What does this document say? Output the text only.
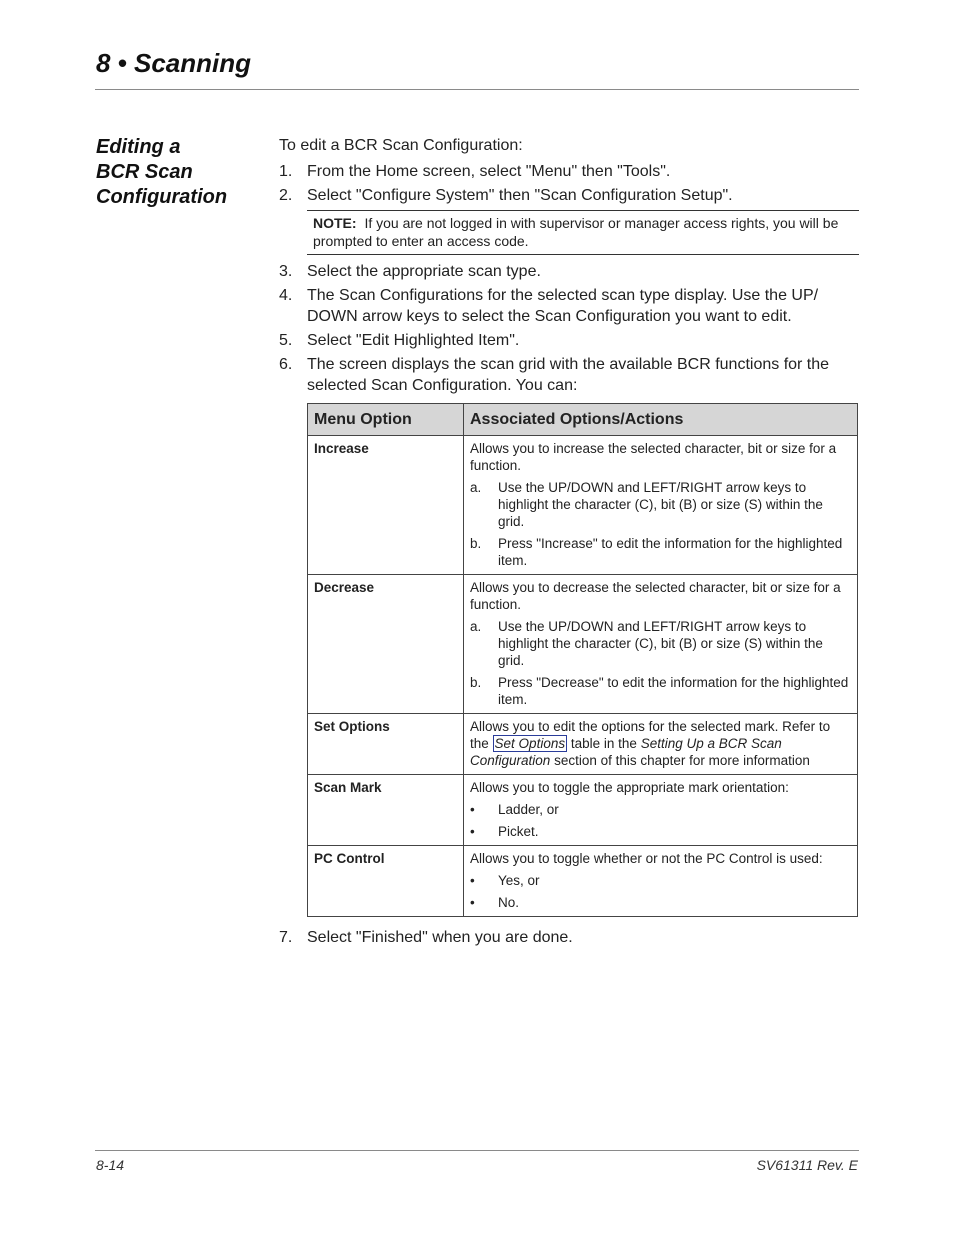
8 • Scanning
Editing a
BCR Scan
Configuration

To edit a BCR Scan Configuration:

1. From the Home screen, select "Menu" then "Tools".
2. Select "Configure System" then "Scan Configuration Setup".
NOTE: If you are not logged in with supervisor or manager access rights, you will be prompted to enter an access code.
3. Select the appropriate scan type.
4. The Scan Configurations for the selected scan type display. Use the UP/ DOWN arrow keys to select the Scan Configuration you want to edit.
5. Select "Edit Highlighted Item".
6. The screen displays the scan grid with the available BCR functions for the selected Scan Configuration. You can:
Menu Option	Associated Options/Actions
Increase	Allows you to increase the selected character, bit or size for a function.
a. Use the UP/DOWN and LEFT/RIGHT arrow keys to highlight the character (C), bit (B) or size (S) within the grid.
b. Press "Increase" to edit the information for the highlighted item.

Decrease	Allows you to decrease the selected character, bit or size for a function.
a. Use the UP/DOWN and LEFT/RIGHT arrow keys to highlight the character (C), bit (B) or size (S) within the grid.
b. Press "Decrease" to edit the information for the highlighted item.

Set Options	Allows you to edit the options for the selected mark. Refer to the Set Options table in the Setting Up a BCR Scan Configuration section of this chapter for more information
Scan Mark	Allows you to toggle the appropriate mark orientation:
• Ladder, or
• Picket.

PC Control	Allows you to toggle whether or not the PC Control is used:
• Yes, or
• No.
7. Select "Finished" when you are done.
8-14	SV61311 Rev. E
